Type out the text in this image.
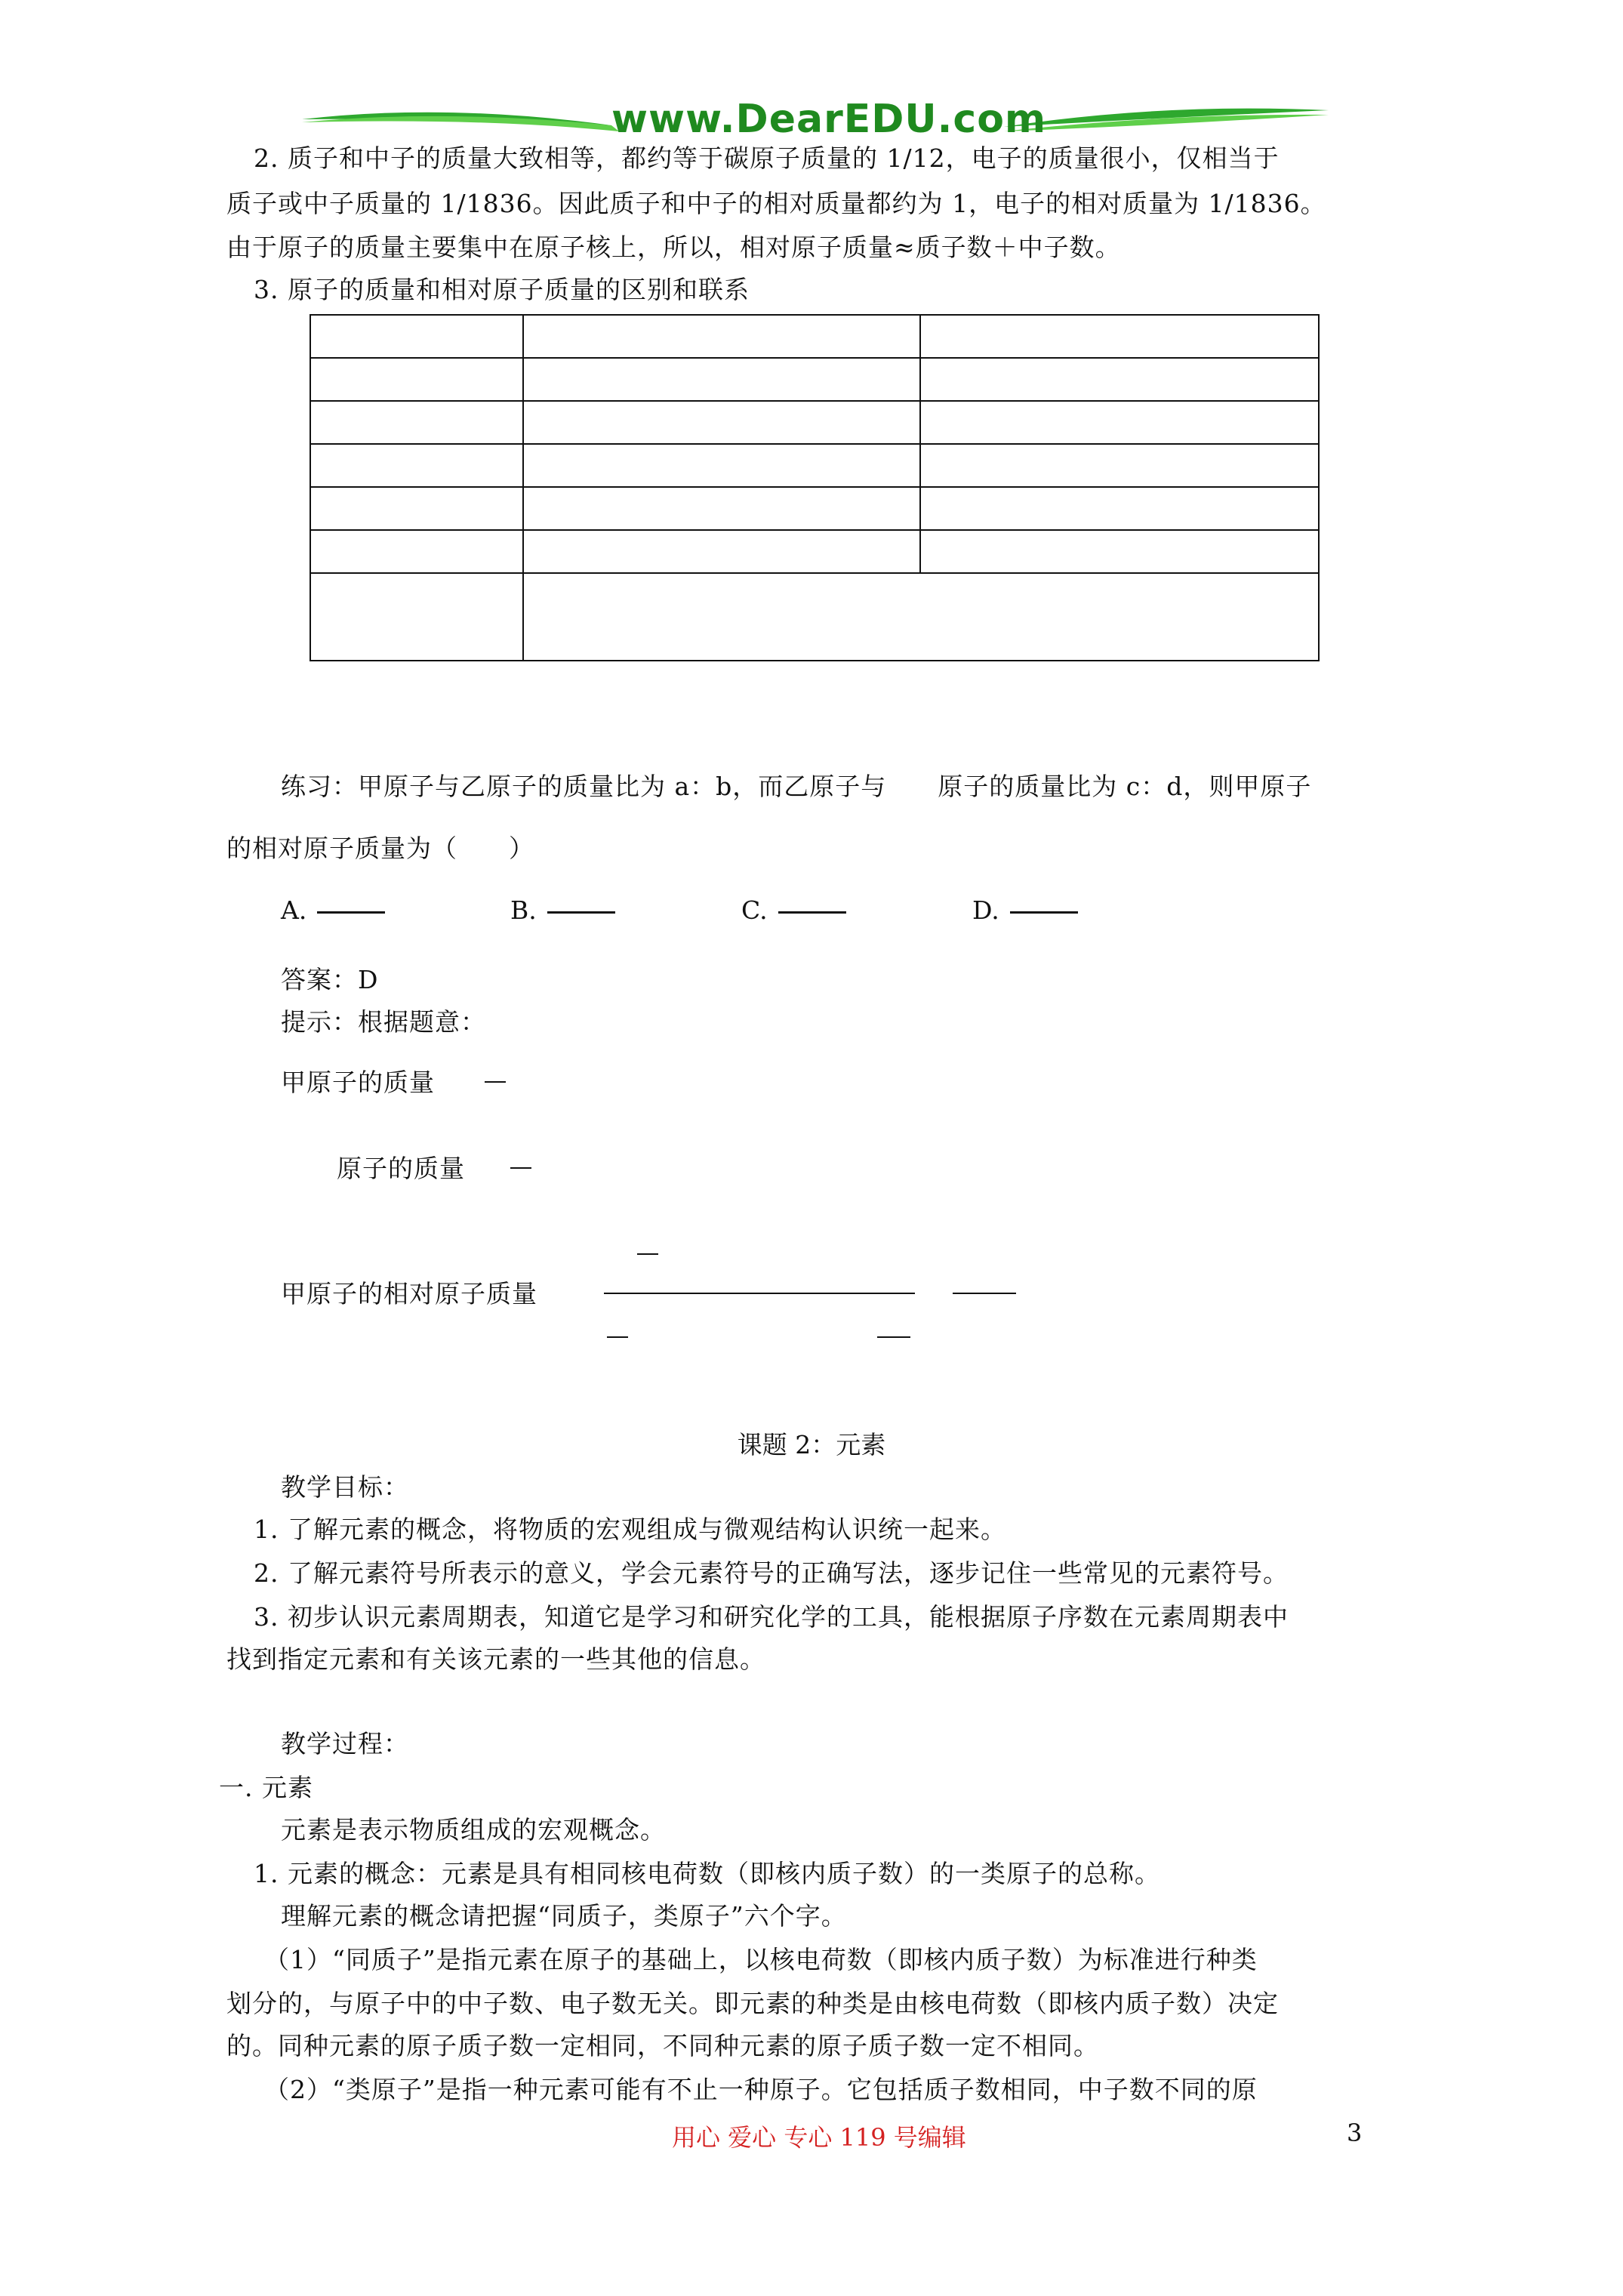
www.DearEDU.com
2. 质子和中子的质量大致相等，都约等于碳原子质量的 1/12，电子的质量很小，仅相当于
质子或中子质量的 1/1836。因此质子和中子的相对质量都约为 1，电子的相对质量为 1/1836。
由于原子的质量主要集中在原子核上，所以，相对原子质量≈质子数＋中子数。
3. 原子的质量和相对原子质量的区别和联系

练习：甲原子与乙原子的质量比为 a：b，而乙原子与　　原子的质量比为 c：d，则甲原子
的相对原子质量为（　　）
A.	B.	C.	D.
答案：D
提示：根据题意：
甲原子的质量
原子的质量
甲原子的相对原子质量
课题 2：元素
教学目标：
1. 了解元素的概念，将物质的宏观组成与微观结构认识统一起来。
2. 了解元素符号所表示的意义，学会元素符号的正确写法，逐步记住一些常见的元素符号。
3. 初步认识元素周期表，知道它是学习和研究化学的工具，能根据原子序数在元素周期表中
找到指定元素和有关该元素的一些其他的信息。
教学过程：
一. 元素
元素是表示物质组成的宏观概念。
1. 元素的概念：元素是具有相同核电荷数（即核内质子数）的一类原子的总称。
理解元素的概念请把握“同质子，类原子”六个字。
（1）“同质子”是指元素在原子的基础上，以核电荷数（即核内质子数）为标准进行种类
划分的，与原子中的中子数、电子数无关。即元素的种类是由核电荷数（即核内质子数）决定
的。同种元素的原子质子数一定相同，不同种元素的原子质子数一定不相同。
（2）“类原子”是指一种元素可能有不止一种原子。它包括质子数相同，中子数不同的原
用心 爱心 专心 119 号编辑	3
